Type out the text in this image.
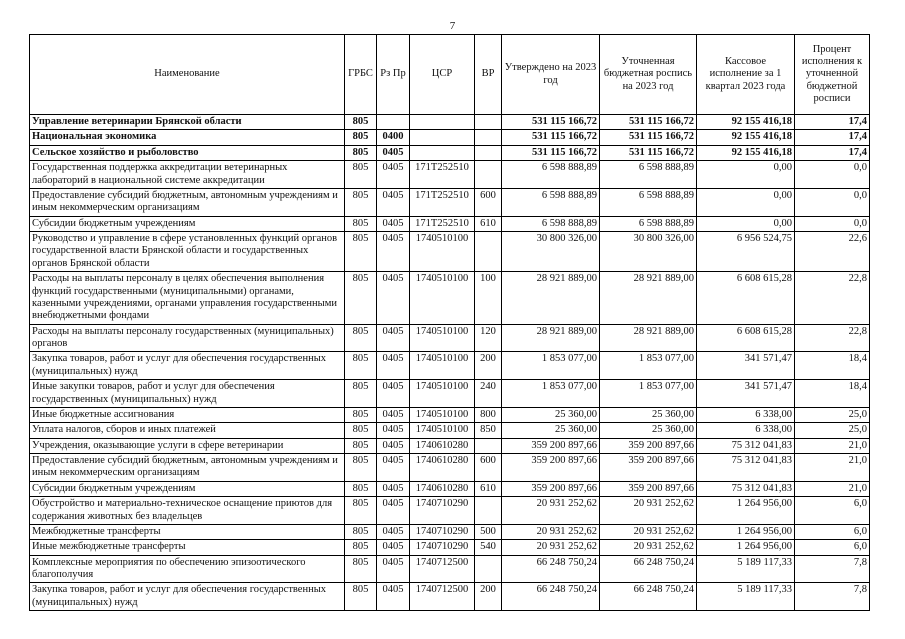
7
Наименование	ГРБС	Рз Пр	ЦСР	ВР	Утверждено на 2023 год	Уточненная бюджетная роспись на 2023 год	Кассовое исполнение за 1 квартал 2023 года	Процент исполнения к уточненной бюджетной росписи
Управление ветеринарии Брянской области	805				531 115 166,72	531 115 166,72	92 155 416,18	17,4
Национальная экономика	805	0400			531 115 166,72	531 115 166,72	92 155 416,18	17,4
Сельское хозяйство и рыболовство	805	0405			531 115 166,72	531 115 166,72	92 155 416,18	17,4
Государственная поддержка аккредитации ветеринарных лабораторий в национальной системе аккредитации	805	0405	171Т252510		6 598 888,89	6 598 888,89	0,00	0,0
Предоставление субсидий бюджетным, автономным учреждениям и иным некоммерческим организациям	805	0405	171Т252510	600	6 598 888,89	6 598 888,89	0,00	0,0
Субсидии бюджетным учреждениям	805	0405	171Т252510	610	6 598 888,89	6 598 888,89	0,00	0,0
Руководство и управление в сфере установленных функций органов государственной власти Брянской области и государственных органов Брянской области	805	0405	1740510100		30 800 326,00	30 800 326,00	6 956 524,75	22,6
Расходы на выплаты персоналу в целях обеспечения выполнения функций государственными (муниципальными) органами, казенными учреждениями, органами управления государственными внебюджетными фондами	805	0405	1740510100	100	28 921 889,00	28 921 889,00	6 608 615,28	22,8
Расходы на выплаты персоналу государственных (муниципальных) органов	805	0405	1740510100	120	28 921 889,00	28 921 889,00	6 608 615,28	22,8
Закупка товаров, работ и услуг для обеспечения государственных (муниципальных) нужд	805	0405	1740510100	200	1 853 077,00	1 853 077,00	341 571,47	18,4
Иные закупки товаров, работ и услуг для обеспечения государственных (муниципальных) нужд	805	0405	1740510100	240	1 853 077,00	1 853 077,00	341 571,47	18,4
Иные бюджетные ассигнования	805	0405	1740510100	800	25 360,00	25 360,00	6 338,00	25,0
Уплата налогов, сборов и иных платежей	805	0405	1740510100	850	25 360,00	25 360,00	6 338,00	25,0
Учреждения, оказывающие услуги в сфере ветеринарии	805	0405	1740610280		359 200 897,66	359 200 897,66	75 312 041,83	21,0
Предоставление субсидий бюджетным, автономным учреждениям и иным некоммерческим организациям	805	0405	1740610280	600	359 200 897,66	359 200 897,66	75 312 041,83	21,0
Субсидии бюджетным учреждениям	805	0405	1740610280	610	359 200 897,66	359 200 897,66	75 312 041,83	21,0
Обустройство и материально-техническое оснащение приютов для содержания животных без владельцев	805	0405	1740710290		20 931 252,62	20 931 252,62	1 264 956,00	6,0
Межбюджетные трансферты	805	0405	1740710290	500	20 931 252,62	20 931 252,62	1 264 956,00	6,0
Иные межбюджетные трансферты	805	0405	1740710290	540	20 931 252,62	20 931 252,62	1 264 956,00	6,0
Комплексные мероприятия по обеспечению эпизоотического благополучия	805	0405	1740712500		66 248 750,24	66 248 750,24	5 189 117,33	7,8
Закупка товаров, работ и услуг для обеспечения государственных (муниципальных) нужд	805	0405	1740712500	200	66 248 750,24	66 248 750,24	5 189 117,33	7,8
